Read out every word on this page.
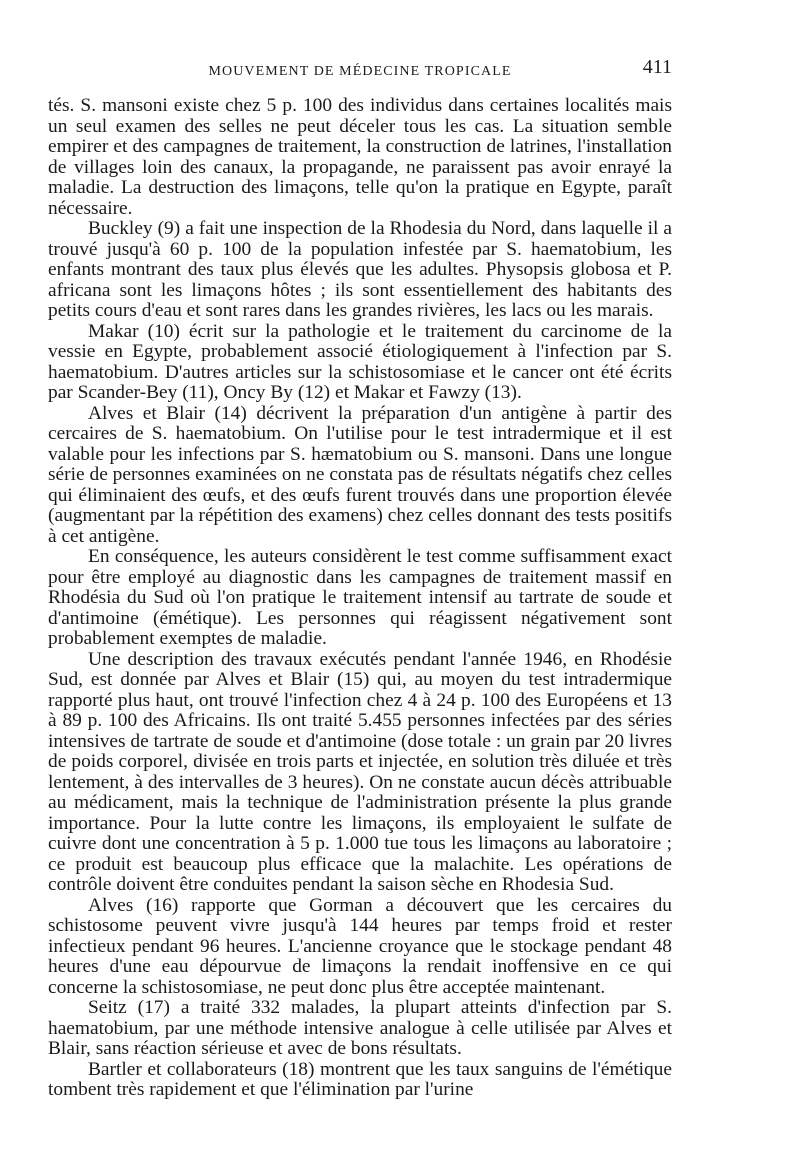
MOUVEMENT DE MÉDECINE TROPICALE	411

tés. S. mansoni existe chez 5 p. 100 des individus dans certaines localités mais un seul examen des selles ne peut déceler tous les cas. La situation semble empirer et des campagnes de traitement, la construction de latrines, l'installation de villages loin des canaux, la propagande, ne paraissent pas avoir enrayé la maladie. La destruction des limaçons, telle qu'on la pratique en Egypte, paraît nécessaire.

Buckley (9) a fait une inspection de la Rhodesia du Nord, dans laquelle il a trouvé jusqu'à 60 p. 100 de la population infestée par S. haematobium, les enfants montrant des taux plus élevés que les adultes. Physopsis globosa et P. africana sont les limaçons hôtes ; ils sont essentiellement des habitants des petits cours d'eau et sont rares dans les grandes rivières, les lacs ou les marais.

Makar (10) écrit sur la pathologie et le traitement du carcinome de la vessie en Egypte, probablement associé étiologiquement à l'infection par S. haematobium. D'autres articles sur la schistosomiase et le cancer ont été écrits par Scander-Bey (11), Oncy By (12) et Makar et Fawzy (13).

Alves et Blair (14) décrivent la préparation d'un antigène à partir des cercaires de S. haematobium. On l'utilise pour le test intradermique et il est valable pour les infections par S. hæmatobium ou S. mansoni. Dans une longue série de personnes examinées on ne constata pas de résultats négatifs chez celles qui éliminaient des œufs, et des œufs furent trouvés dans une proportion élevée (augmentant par la répétition des examens) chez celles donnant des tests positifs à cet antigène.

En conséquence, les auteurs considèrent le test comme suffisamment exact pour être employé au diagnostic dans les campagnes de traitement massif en Rhodésia du Sud où l'on pratique le traitement intensif au tartrate de soude et d'antimoine (émétique). Les personnes qui réagissent négativement sont probablement exemptes de maladie.

Une description des travaux exécutés pendant l'année 1946, en Rhodésie Sud, est donnée par Alves et Blair (15) qui, au moyen du test intradermique rapporté plus haut, ont trouvé l'infection chez 4 à 24 p. 100 des Européens et 13 à 89 p. 100 des Africains. Ils ont traité 5.455 personnes infectées par des séries intensives de tartrate de soude et d'antimoine (dose totale : un grain par 20 livres de poids corporel, divisée en trois parts et injectée, en solution très diluée et très lentement, à des intervalles de 3 heures). On ne constate aucun décès attribuable au médicament, mais la technique de l'administration présente la plus grande importance. Pour la lutte contre les limaçons, ils employaient le sulfate de cuivre dont une concentration à 5 p. 1.000 tue tous les limaçons au laboratoire ; ce produit est beaucoup plus efficace que la malachite. Les opérations de contrôle doivent être conduites pendant la saison sèche en Rhodesia Sud.

Alves (16) rapporte que Gorman a découvert que les cercaires du schistosome peuvent vivre jusqu'à 144 heures par temps froid et rester infectieux pendant 96 heures. L'ancienne croyance que le stockage pendant 48 heures d'une eau dépourvue de limaçons la rendait inoffensive en ce qui concerne la schistosomiase, ne peut donc plus être acceptée maintenant.

Seitz (17) a traité 332 malades, la plupart atteints d'infection par S. haematobium, par une méthode intensive analogue à celle utilisée par Alves et Blair, sans réaction sérieuse et avec de bons résultats.

Bartler et collaborateurs (18) montrent que les taux sanguins de l'émétique tombent très rapidement et que l'élimination par l'urine
